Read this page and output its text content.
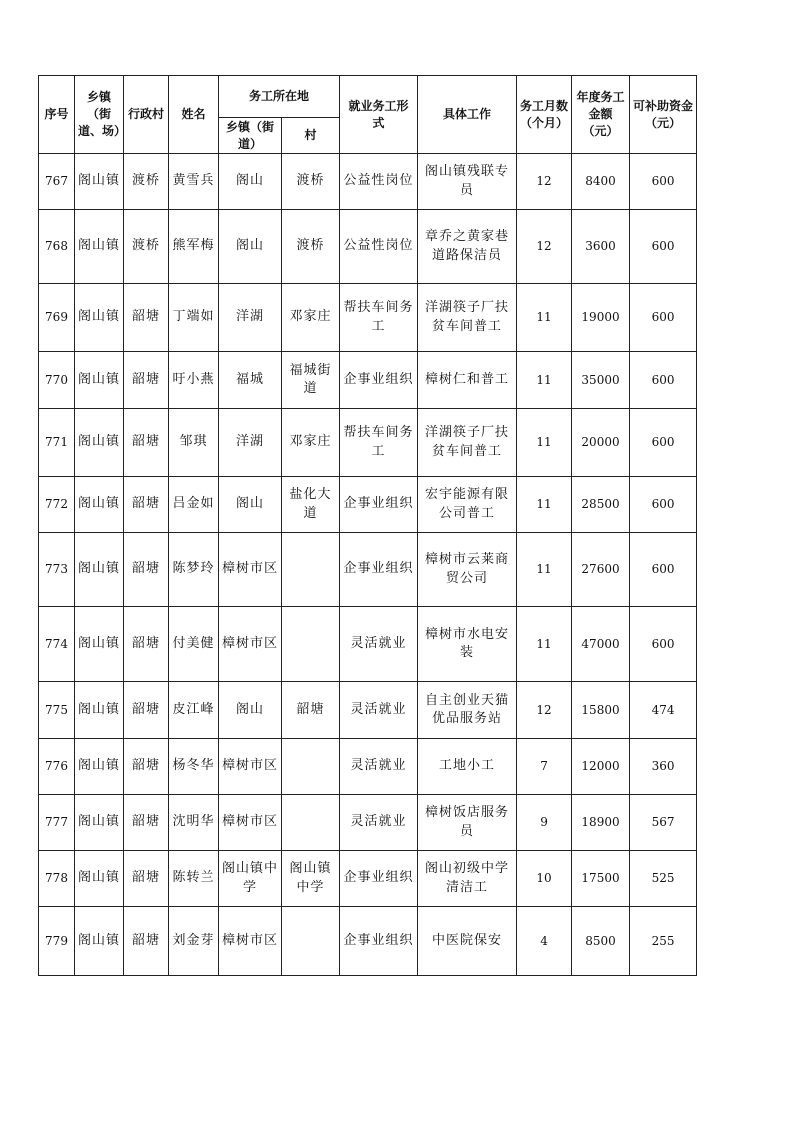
序号	乡镇（街道、场）	行政村	姓名	务工所在地		就业务工形式	具体工作	务工月数（个月）	年度务工金额（元）	可补助资金（元）
				乡镇（街道）	村					
767	阁山镇	渡桥	黄雪兵	阁山	渡桥	公益性岗位	阁山镇残联专员	12	8400	600
768	阁山镇	渡桥	熊军梅	阁山	渡桥	公益性岗位	章乔之黄家巷道路保洁员	12	3600	600
769	阁山镇	韶塘	丁端如	洋湖	邓家庄	帮扶车间务工	洋湖筷子厂扶贫车间普工	11	19000	600
770	阁山镇	韶塘	吁小燕	福城	福城街道	企事业组织	樟树仁和普工	11	35000	600
771	阁山镇	韶塘	邹琪	洋湖	邓家庄	帮扶车间务工	洋湖筷子厂扶贫车间普工	11	20000	600
772	阁山镇	韶塘	吕金如	阁山	盐化大道	企事业组织	宏宇能源有限公司普工	11	28500	600
773	阁山镇	韶塘	陈梦玲	樟树市区		企事业组织	樟树市云莱商贸公司	11	27600	600
774	阁山镇	韶塘	付美健	樟树市区		灵活就业	樟树市水电安装	11	47000	600
775	阁山镇	韶塘	皮江峰	阁山	韶塘	灵活就业	自主创业天猫优品服务站	12	15800	474
776	阁山镇	韶塘	杨冬华	樟树市区		灵活就业	工地小工	7	12000	360
777	阁山镇	韶塘	沈明华	樟树市区		灵活就业	樟树饭店服务员	9	18900	567
778	阁山镇	韶塘	陈转兰	阁山镇中学	阁山镇中学	企事业组织	阁山初级中学清洁工	10	17500	525
779	阁山镇	韶塘	刘金芽	樟树市区		企事业组织	中医院保安	4	8500	255
